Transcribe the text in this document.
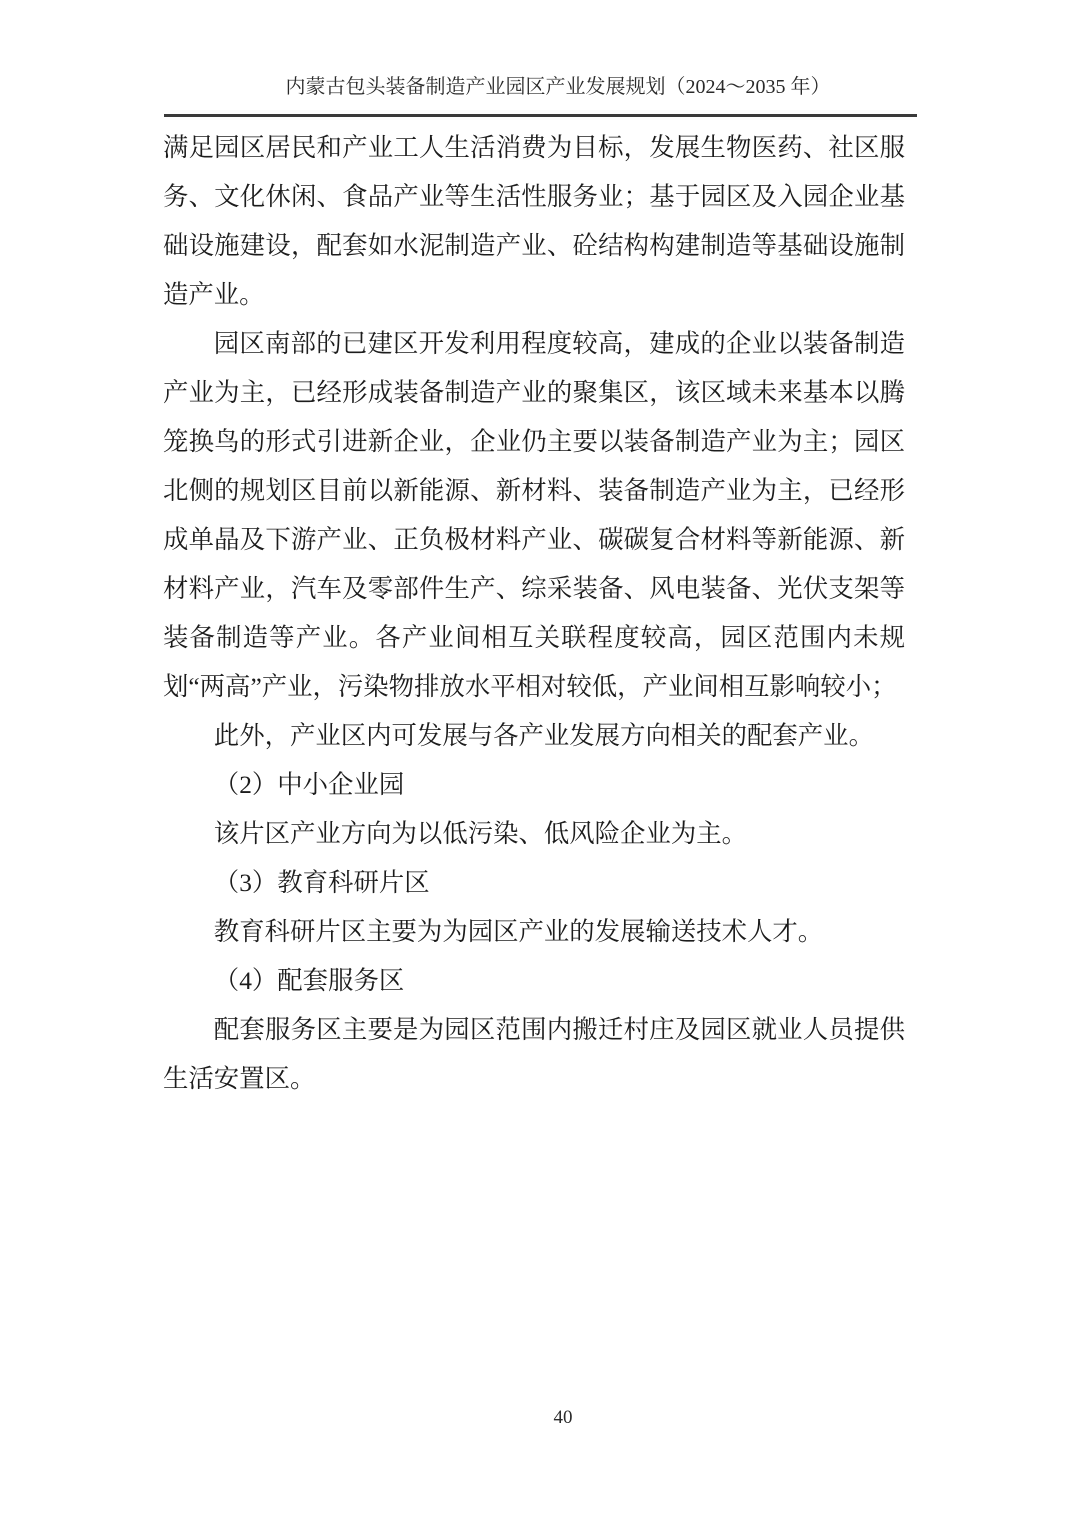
内蒙古包头装备制造产业园区产业发展规划（2024～2035 年）

满足园区居民和产业工人生活消费为目标，发展生物医药、社区服务、文化休闲、食品产业等生活性服务业；基于园区及入园企业基础设施建设，配套如水泥制造产业、砼结构构建制造等基础设施制造产业。

园区南部的已建区开发利用程度较高，建成的企业以装备制造产业为主，已经形成装备制造产业的聚集区，该区域未来基本以腾笼换鸟的形式引进新企业，企业仍主要以装备制造产业为主；园区北侧的规划区目前以新能源、新材料、装备制造产业为主，已经形成单晶及下游产业、正负极材料产业、碳碳复合材料等新能源、新材料产业，汽车及零部件生产、综采装备、风电装备、光伏支架等装备制造等产业。各产业间相互关联程度较高，园区范围内未规划“两高”产业，污染物排放水平相对较低，产业间相互影响较小；

此外，产业区内可发展与各产业发展方向相关的配套产业。

（2）中小企业园

该片区产业方向为以低污染、低风险企业为主。

（3）教育科研片区

教育科研片区主要为为园区产业的发展输送技术人才。

（4）配套服务区

配套服务区主要是为园区范围内搬迁村庄及园区就业人员提供生活安置区。

40
